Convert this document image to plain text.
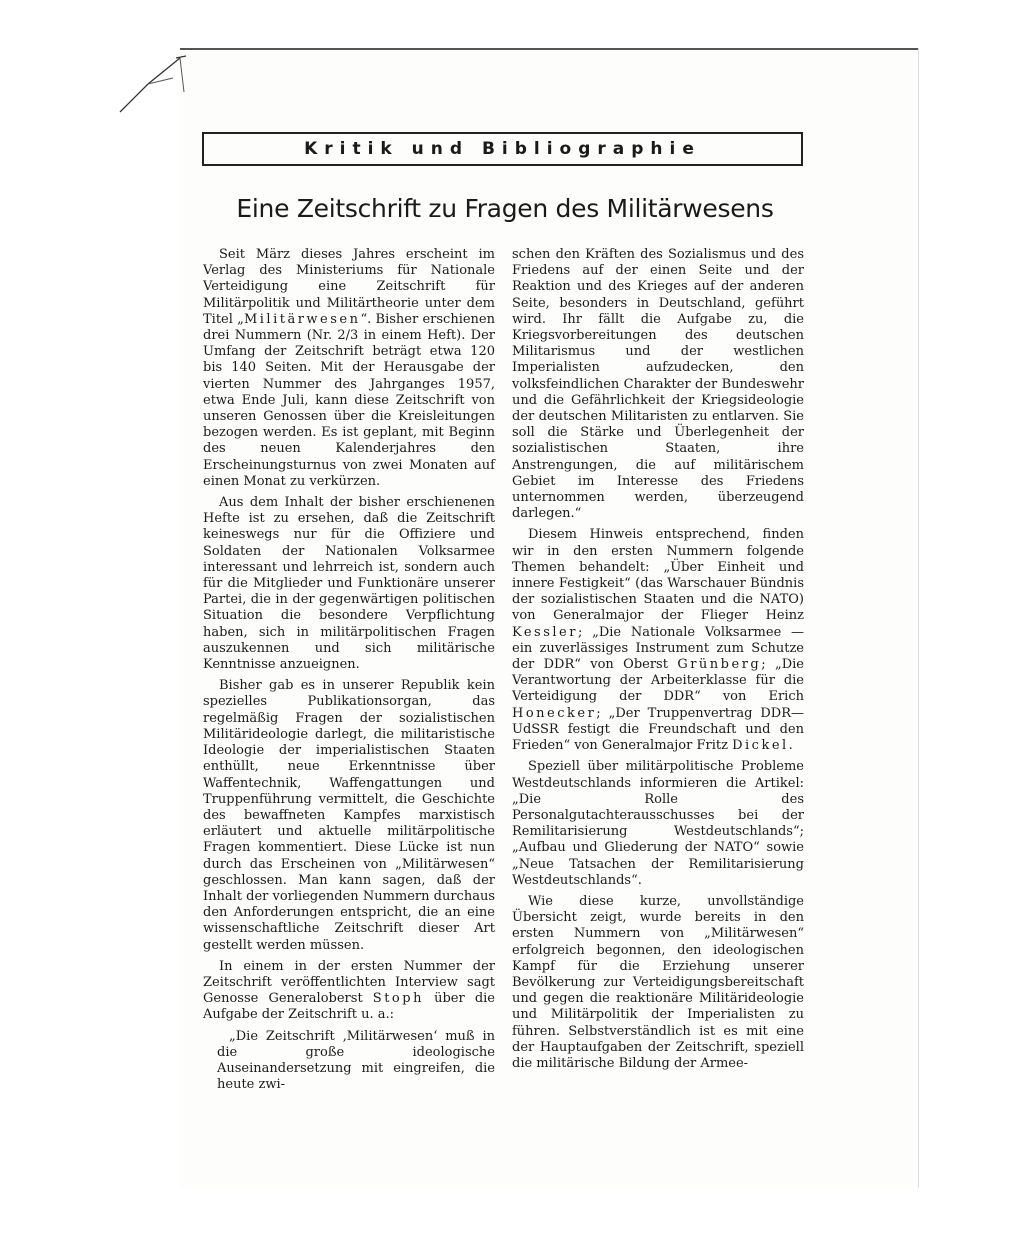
Kritik und Bibliographie
Eine Zeitschrift zu Fragen des Militärwesens

Seit März dieses Jahres erscheint im Verlag des Ministeriums für Nationale Verteidigung eine Zeitschrift für Militärpolitik und Militärtheorie unter dem Titel „Militärwesen“. Bisher erschienen drei Nummern (Nr. 2/3 in einem Heft). Der Umfang der Zeitschrift beträgt etwa 120 bis 140 Seiten. Mit der Herausgabe der vierten Nummer des Jahrganges 1957, etwa Ende Juli, kann diese Zeitschrift von unseren Genossen über die Kreisleitungen bezogen werden. Es ist geplant, mit Beginn des neuen Kalenderjahres den Erscheinungsturnus von zwei Monaten auf einen Monat zu verkürzen.

Aus dem Inhalt der bisher erschienenen Hefte ist zu ersehen, daß die Zeitschrift keineswegs nur für die Offiziere und Soldaten der Nationalen Volksarmee interessant und lehrreich ist, sondern auch für die Mitglieder und Funktionäre unserer Partei, die in der gegenwärtigen politischen Situation die besondere Verpflichtung haben, sich in militärpolitischen Fragen auszukennen und sich militärische Kenntnisse anzueignen.

Bisher gab es in unserer Republik kein spezielles Publikationsorgan, das regelmäßig Fragen der sozialistischen Militärideologie darlegt, die militaristische Ideologie der imperialistischen Staaten enthüllt, neue Erkenntnisse über Waffentechnik, Waffengattungen und Truppenführung vermittelt, die Geschichte des bewaffneten Kampfes marxistisch erläutert und aktuelle militärpolitische Fragen kommentiert. Diese Lücke ist nun durch das Erscheinen von „Militärwesen“ geschlossen. Man kann sagen, daß der Inhalt der vorliegenden Nummern durchaus den Anforderungen entspricht, die an eine wissenschaftliche Zeitschrift dieser Art gestellt werden müssen.

In einem in der ersten Nummer der Zeitschrift veröffentlichten Interview sagt Genosse Generaloberst Stoph über die Aufgabe der Zeitschrift u. a.:

„Die Zeitschrift ‚Militärwesen‘ muß in die große ideologische Auseinandersetzung mit eingreifen, die heute zwi-

schen den Kräften des Sozialismus und des Friedens auf der einen Seite und der Reaktion und des Krieges auf der anderen Seite, besonders in Deutschland, geführt wird. Ihr fällt die Aufgabe zu, die Kriegsvorbereitungen des deutschen Militarismus und der westlichen Imperialisten aufzudecken, den volksfeindlichen Charakter der Bundeswehr und die Gefährlichkeit der Kriegsideologie der deutschen Militaristen zu entlarven. Sie soll die Stärke und Überlegenheit der sozialistischen Staaten, ihre Anstrengungen, die auf militärischem Gebiet im Interesse des Friedens unternommen werden, überzeugend darlegen.“

Diesem Hinweis entsprechend, finden wir in den ersten Nummern folgende Themen behandelt: „Über Einheit und innere Festigkeit“ (das Warschauer Bündnis der sozialistischen Staaten und die NATO) von Generalmajor der Flieger Heinz Kessler; „Die Nationale Volksarmee — ein zuverlässiges Instrument zum Schutze der DDR“ von Oberst Grünberg; „Die Verantwortung der Arbeiterklasse für die Verteidigung der DDR“ von Erich Honecker; „Der Truppenvertrag DDR—UdSSR festigt die Freundschaft und den Frieden“ von Generalmajor Fritz Dickel.

Speziell über militärpolitische Probleme Westdeutschlands informieren die Artikel: „Die Rolle des Personalgutachterausschusses bei der Remilitarisierung Westdeutschlands“; „Aufbau und Gliederung der NATO“ sowie „Neue Tatsachen der Remilitarisierung Westdeutschlands“.

Wie diese kurze, unvollständige Übersicht zeigt, wurde bereits in den ersten Nummern von „Militärwesen“ erfolgreich begonnen, den ideologischen Kampf für die Erziehung unserer Bevölkerung zur Verteidigungsbereitschaft und gegen die reaktionäre Militärideologie und Militärpolitik der Imperialisten zu führen. Selbstverständlich ist es mit eine der Hauptaufgaben der Zeitschrift, speziell die militärische Bildung der Armee-
